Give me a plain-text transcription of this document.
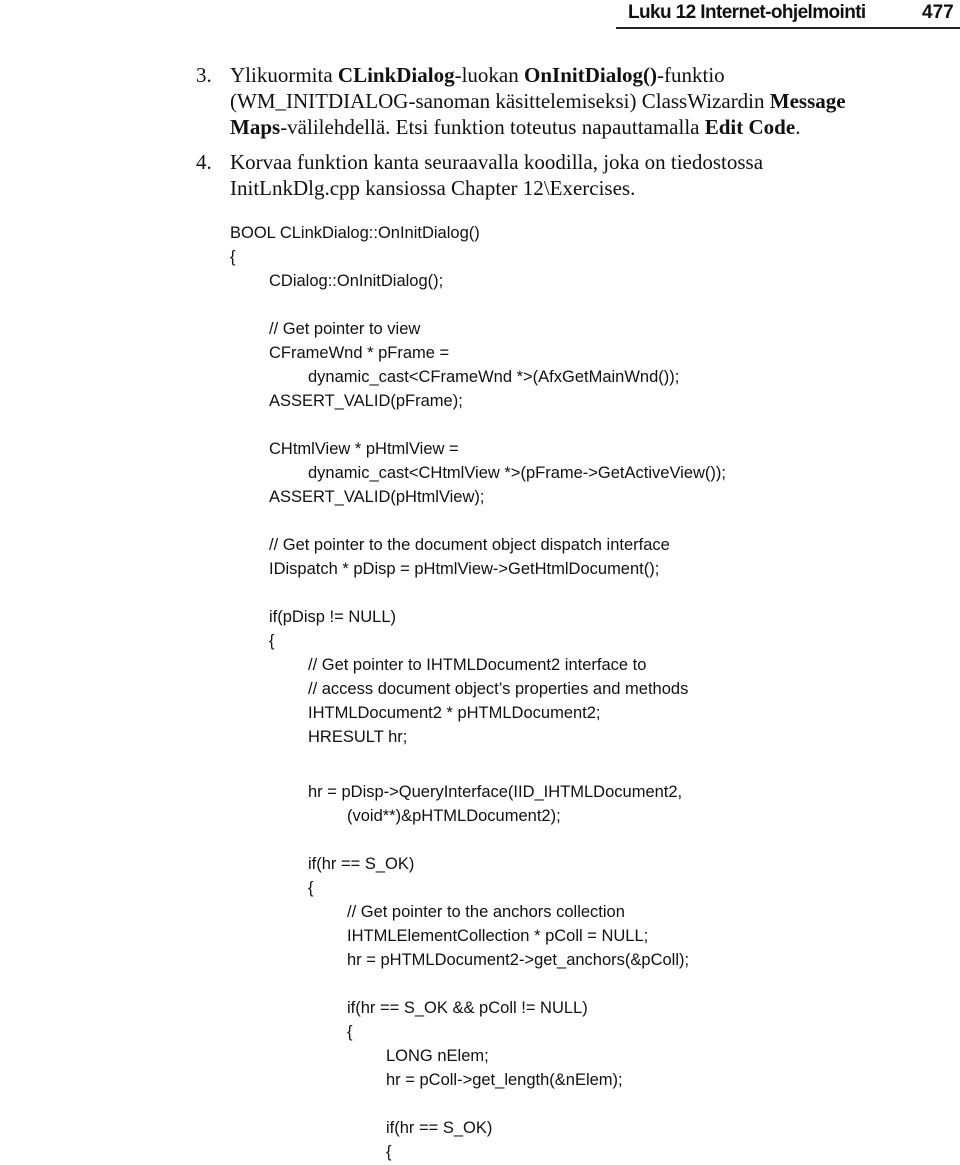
Luku 12 Internet-ohjelmointi	477
3. Ylikuormita CLinkDialog-luokan OnInitDialog()-funktio
(WM_INITDIALOG-sanoman käsittelemiseksi) ClassWizardin Message
Maps-välilehdellä. Etsi funktion toteutus napauttamalla Edit Code.
4. Korvaa funktion kanta seuraavalla koodilla, joka on tiedostossa
InitLnkDlg.cpp kansiossa Chapter 12\Exercises.
BOOL CLinkDialog::OnInitDialog()
{
CDialog::OnInitDialog();
// Get pointer to view
CFrameWnd * pFrame =
dynamic_cast<CFrameWnd *>(AfxGetMainWnd());
ASSERT_VALID(pFrame);
CHtmlView * pHtmlView =
dynamic_cast<CHtmlView *>(pFrame->GetActiveView());
ASSERT_VALID(pHtmlView);
// Get pointer to the document object dispatch interface
IDispatch * pDisp = pHtmlView->GetHtmlDocument();
if(pDisp != NULL)
{
// Get pointer to IHTMLDocument2 interface to
// access document object’s properties and methods
IHTMLDocument2 * pHTMLDocument2;
HRESULT hr;
hr = pDisp->QueryInterface(IID_IHTMLDocument2,
(void**)&pHTMLDocument2);
if(hr == S_OK)
{
// Get pointer to the anchors collection
IHTMLElementCollection * pColl = NULL;
hr = pHTMLDocument2->get_anchors(&pColl);
if(hr == S_OK && pColl != NULL)
{
LONG nElem;
hr = pColl->get_length(&nElem);
if(hr == S_OK)
{
